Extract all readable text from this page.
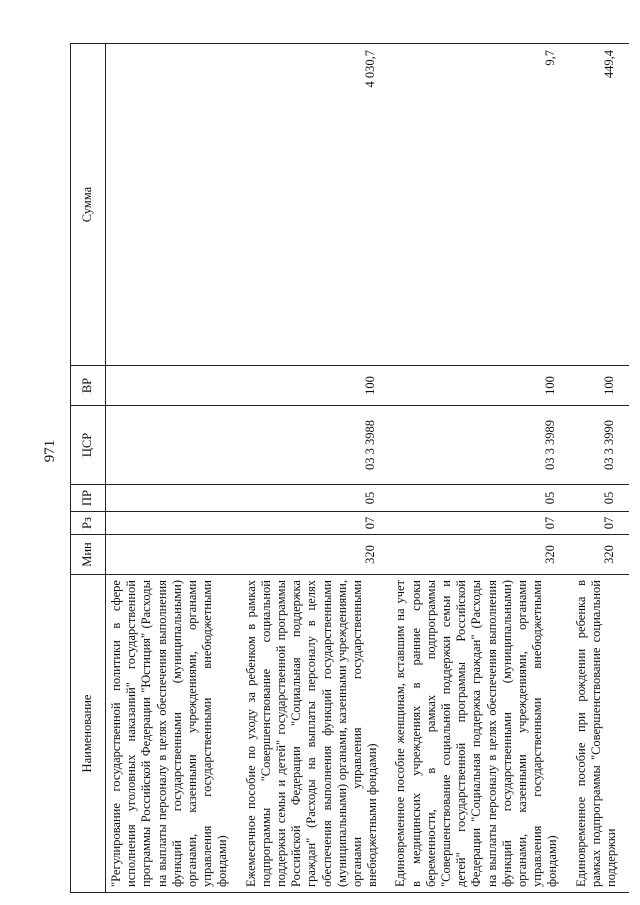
971
Наименование	Мин	Рз	ПР	ЦСР	ВР	Сумма
"Регулирование государственной политики в сфере исполнения уголовных наказаний" государственной программы Российской Федерации "Юстиция" (Расходы на выплаты персоналу в целях обеспечения выполнения функций государственными (муниципальными) органами, казенными учреждениями, органами управления государственными внебюджетными фондами)						
Ежемесячное пособие по уходу за ребенком в рамках подпрограммы "Совершенствование социальной поддержки семьи и детей" государственной программы Российской Федерации "Социальная поддержка граждан" (Расходы на выплаты персоналу в целях обеспечения выполнения функций государственными (муниципальными) органами, казенными учреждениями, органами управления государственными внебюджетными фондами)	320	07	05	03 3 3988	100	4 030,7
Единовременное пособие женщинам, вставшим на учет в медицинских учреждениях в ранние сроки беременности, в рамках подпрограммы "Совершенствование социальной поддержки семьи и детей" государственной программы Российской Федерации "Социальная поддержка граждан" (Расходы на выплаты персоналу в целях обеспечения выполнения функций государственными (муниципальными) органами, казенными учреждениями, органами управления государственными внебюджетными фондами)	320	07	05	03 3 3989	100	9,7
Единовременное пособие при рождении ребенка в рамках подпрограммы "Совершенствование социальной поддержки	320	07	05	03 3 3990	100	449,4
